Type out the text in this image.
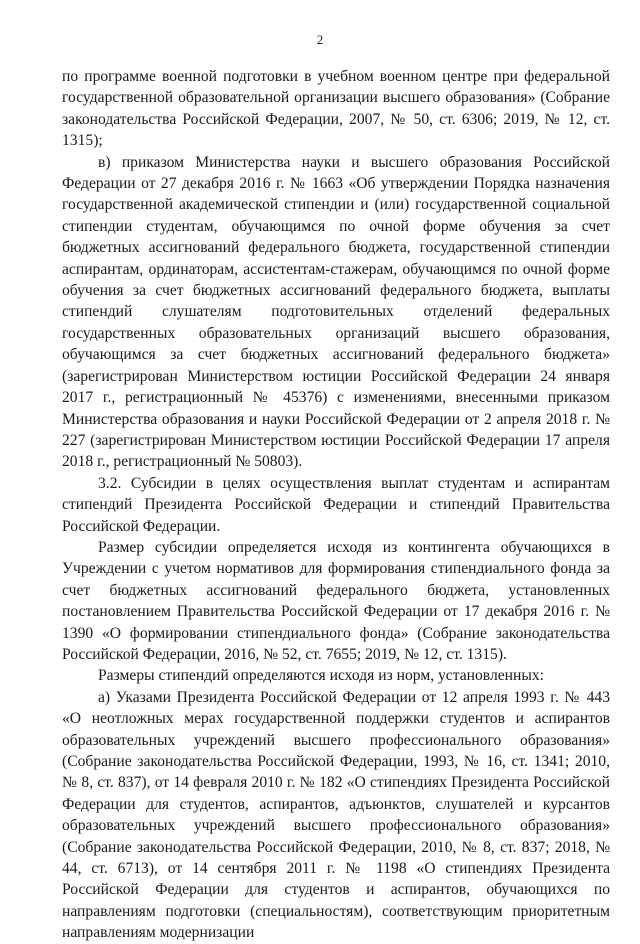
2

по программе военной подготовки в учебном военном центре при федеральной государственной образовательной организации высшего образования» (Собрание законодательства Российской Федерации, 2007, № 50, ст. 6306; 2019, № 12, ст. 1315);

в) приказом Министерства науки и высшего образования Российской Федерации от 27 декабря 2016 г. № 1663 «Об утверждении Порядка назначения государственной академической стипендии и (или) государственной социальной стипендии студентам, обучающимся по очной форме обучения за счет бюджетных ассигнований федерального бюджета, государственной стипендии аспирантам, ординаторам, ассистентам-стажерам, обучающимся по очной форме обучения за счет бюджетных ассигнований федерального бюджета, выплаты стипендий слушателям подготовительных отделений федеральных государственных образовательных организаций высшего образования, обучающимся за счет бюджетных ассигнований федерального бюджета» (зарегистрирован Министерством юстиции Российской Федерации 24 января 2017 г., регистрационный № 45376) с изменениями, внесенными приказом Министерства образования и науки Российской Федерации от 2 апреля 2018 г. № 227 (зарегистрирован Министерством юстиции Российской Федерации 17 апреля 2018 г., регистрационный № 50803).

3.2. Субсидии в целях осуществления выплат студентам и аспирантам стипендий Президента Российской Федерации и стипендий Правительства Российской Федерации.

Размер субсидии определяется исходя из контингента обучающихся в Учреждении с учетом нормативов для формирования стипендиального фонда за счет бюджетных ассигнований федерального бюджета, установленных постановлением Правительства Российской Федерации от 17 декабря 2016 г. № 1390 «О формировании стипендиального фонда» (Собрание законодательства Российской Федерации, 2016, № 52, ст. 7655; 2019, № 12, ст. 1315).

Размеры стипендий определяются исходя из норм, установленных:

а) Указами Президента Российской Федерации от 12 апреля 1993 г. № 443 «О неотложных мерах государственной поддержки студентов и аспирантов образовательных учреждений высшего профессионального образования» (Собрание законодательства Российской Федерации, 1993, № 16, ст. 1341; 2010, № 8, ст. 837), от 14 февраля 2010 г. № 182 «О стипендиях Президента Российской Федерации для студентов, аспирантов, адъюнктов, слушателей и курсантов образовательных учреждений высшего профессионального образования» (Собрание законодательства Российской Федерации, 2010, № 8, ст. 837; 2018, № 44, ст. 6713), от 14 сентября 2011 г. № 1198 «О стипендиях Президента Российской Федерации для студентов и аспирантов, обучающихся по направлениям подготовки (специальностям), соответствующим приоритетным направлениям модернизации
